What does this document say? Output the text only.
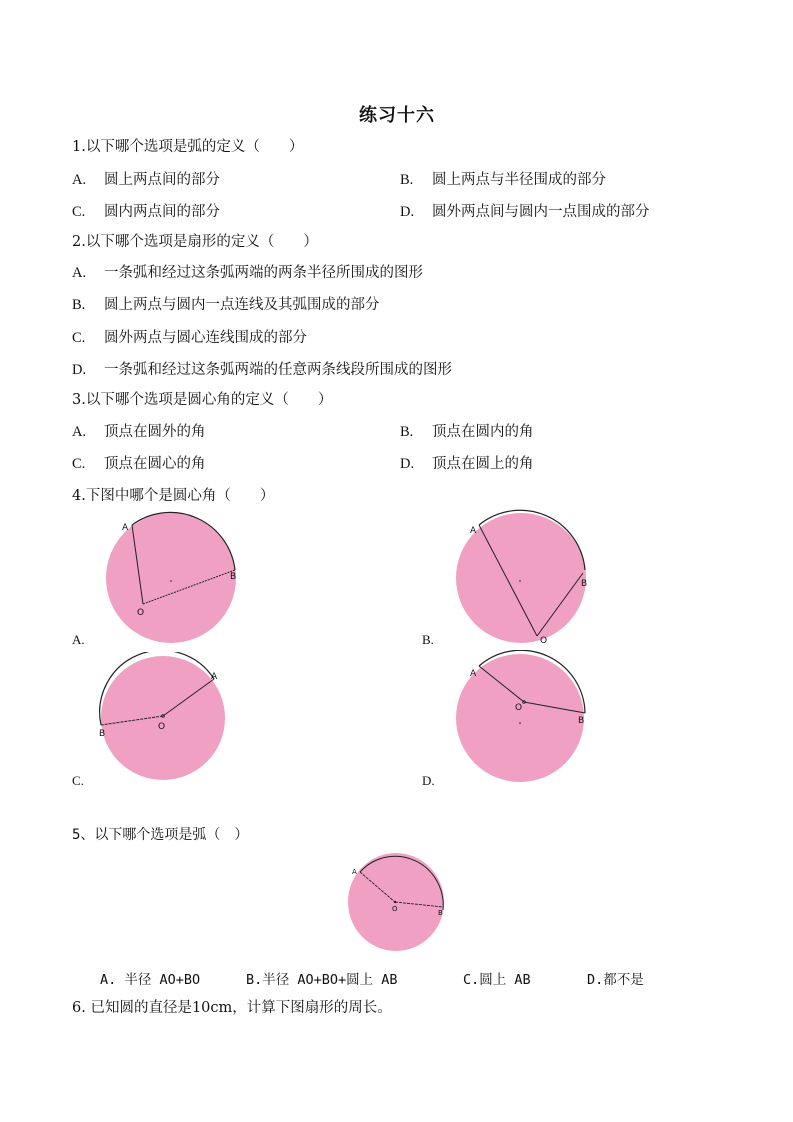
练习十六
1.以下哪个选项是弧的定义（　　）
A. 圆上两点间的部分	B. 圆上两点与半径围成的部分
C. 圆内两点间的部分	D. 圆外两点间与圆内一点围成的部分
2.以下哪个选项是扇形的定义（　　）
A. 一条弧和经过这条弧两端的两条半径所围成的图形
B. 圆上两点与圆内一点连线及其弧围成的部分
C. 圆外两点与圆心连线围成的部分
D. 一条弧和经过这条弧两端的任意两条线段所围成的图形
3.以下哪个选项是圆心角的定义（　　）
A. 顶点在圆外的角	B. 顶点在圆内的角
C. 顶点在圆心的角	D. 顶点在圆上的角
4.下图中哪个是圆心角（　　）
A
B
O
A.
A
B
O
B.
A
B
O
C.
A
B
O
D.
5、以下哪个选项是弧（　）
A
B
O
A. 半径 AO+BO	B.半径 AO+BO+圆上 AB	C.圆上 AB	D.都不是
6. 已知圆的直径是10cm，计算下图扇形的周长。
